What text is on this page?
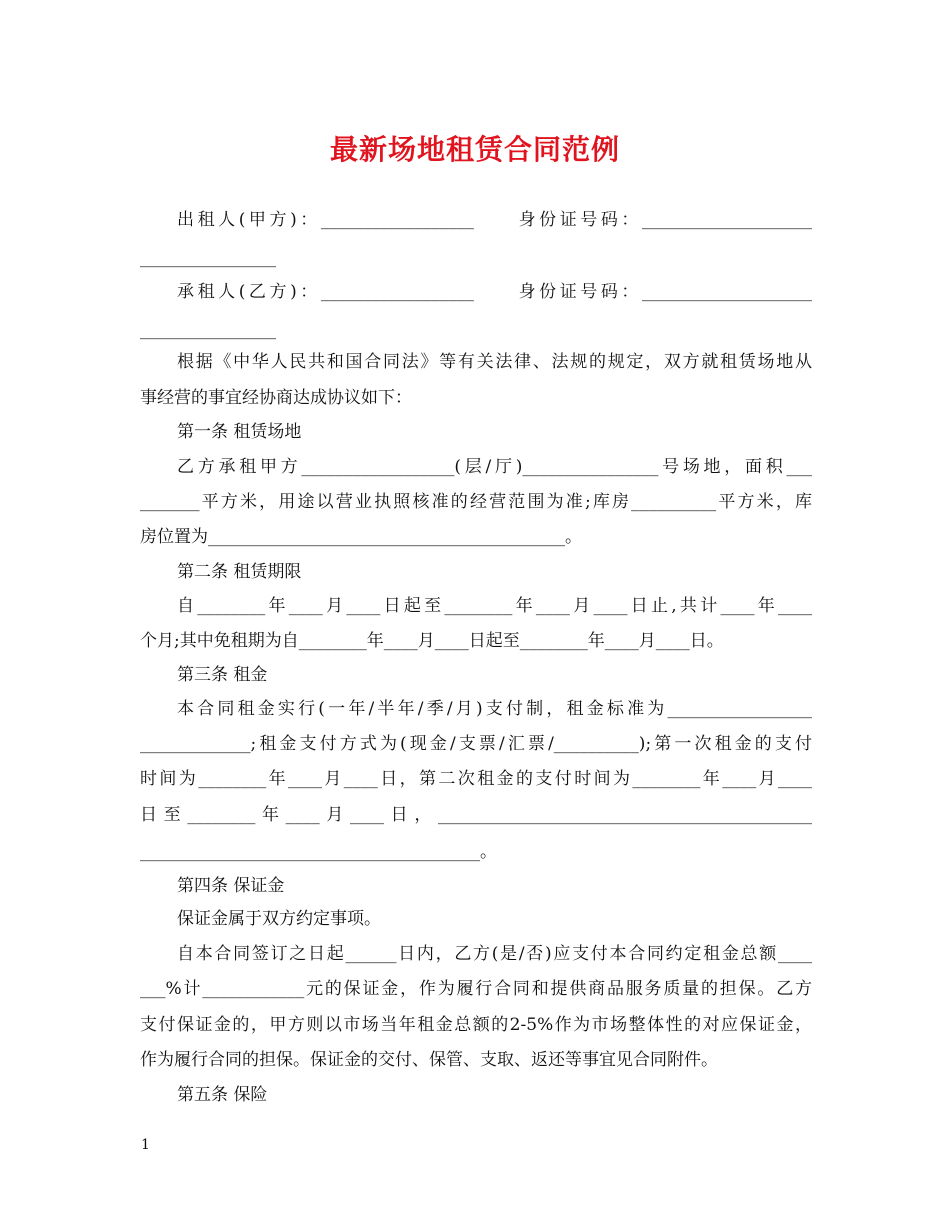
最新场地租赁合同范例
出租人(甲方)：__________________　　身份证号码：____________________
________________
承租人(乙方)：__________________　　身份证号码：____________________
________________
根据《中华人民共和国合同法》等有关法律、法规的规定，双方就租赁场地从
事经营的事宜经协商达成协议如下：
第一条 租赁场地
乙方承租甲方__________________(层/厅)________________号场地，面积___
_______平方米，用途以营业执照核准的经营范围为准;库房__________平方米，库
房位置为__________________________________________。
第二条 租赁期限
自________年____月____日起至________年____月____日止,共计____年____
个月;其中免租期为自________年____月____日起至________年____月____日。
第三条 租金
本合同租金实行(一年/半年/季/月)支付制，租金标准为_________________
_____________;租金支付方式为(现金/支票/汇票/__________);第一次租金的支付
时间为________年____月____日，第二次租金的支付时间为________年____月____
日至________年____月____日，____________________________________________
________________________________________。
第四条 保证金
保证金属于双方约定事项。
自本合同签订之日起______日内，乙方(是/否)应支付本合同约定租金总额____
___%计____________元的保证金，作为履行合同和提供商品服务质量的担保。乙方
支付保证金的，甲方则以市场当年租金总额的2-5%作为市场整体性的对应保证金，
作为履行合同的担保。保证金的交付、保管、支取、返还等事宜见合同附件。
第五条 保险
1
